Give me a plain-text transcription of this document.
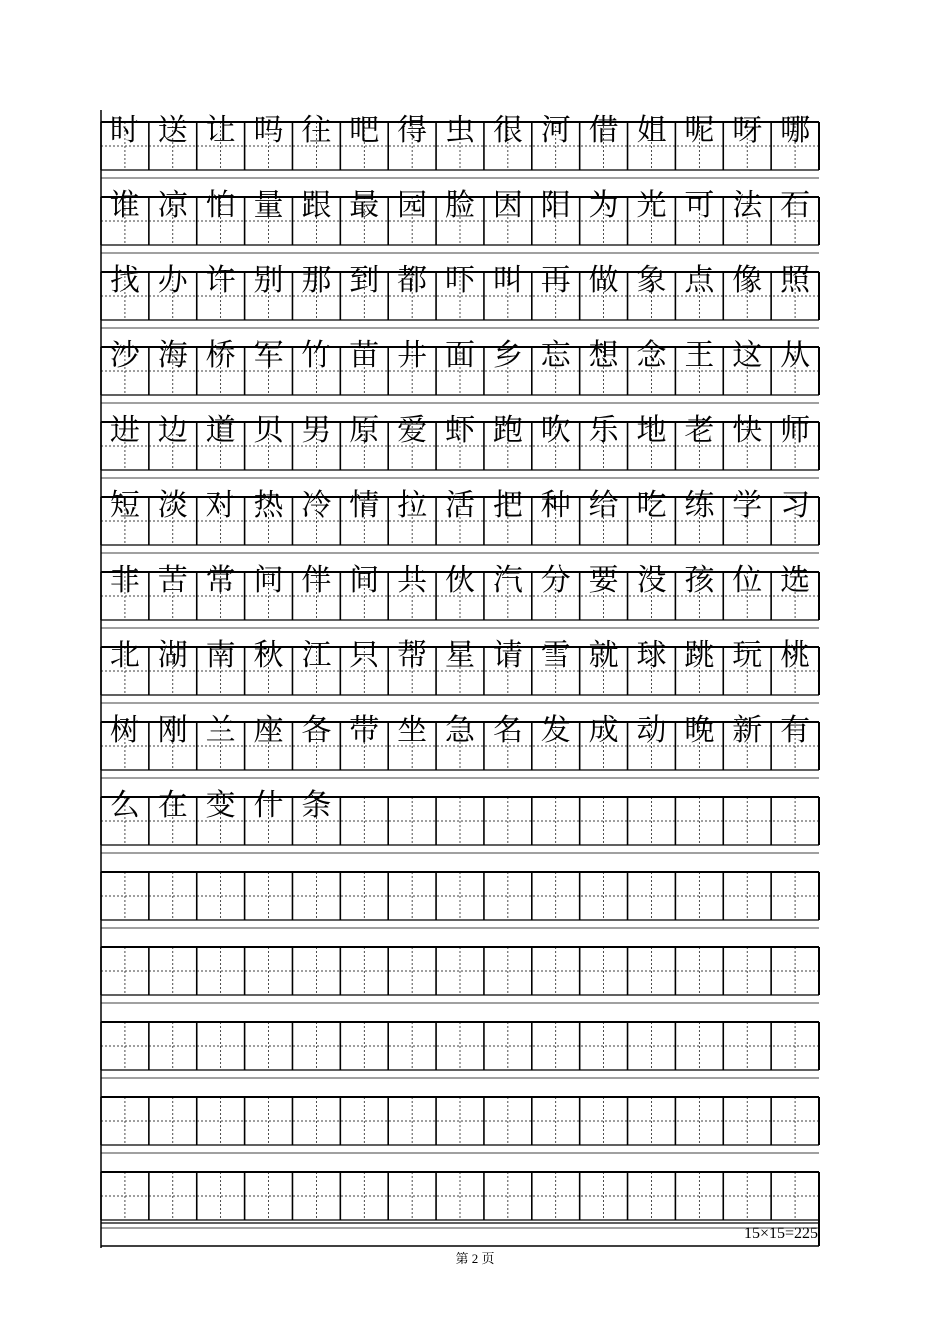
时 送 让 吗 往 吧 得 虫 很 河 借 姐 呢 呀 哪
谁 凉 怕 量 跟 最 园 脸 因 阳 为 光 可 法 石
找 办 许 别 那 到 都 吓 叫 再 做 象 点 像 照
沙 海 桥 军 竹 苗 井 面 乡 忘 想 念 王 这 从
进 边 道 贝 男 原 爱 虾 跑 吹 乐 地 老 快 师
短 淡 对 热 冷 情 拉 活 把 种 给 吃 练 学 习
非 苦 常 问 伴 间 共 伙 汽 分 要 没 孩 位 选
北 湖 南 秋 江 只 帮 星 请 雪 就 球 跳 玩 桃
树 刚 兰 座 各 带 坐 急 名 发 成 动 晚 新 有
么 在 变 什 条
15×15=225
第 2 页
